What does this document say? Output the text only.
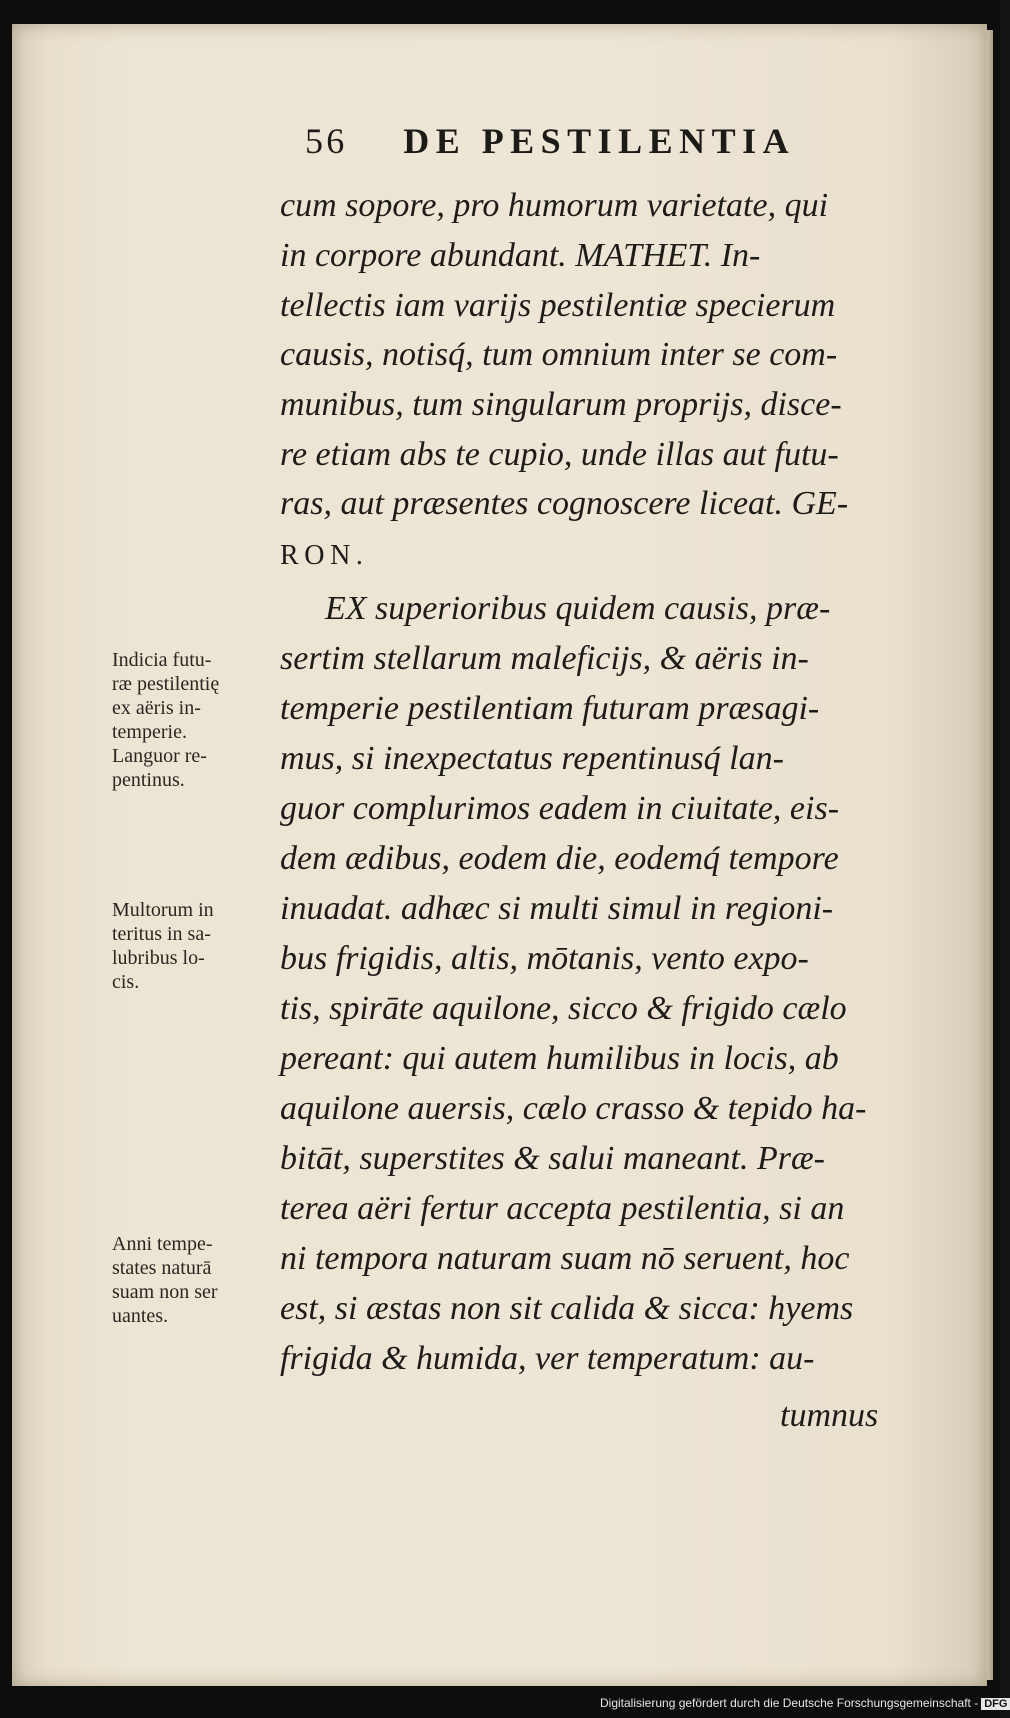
56 DE PESTILENTIA
cum sopore, pro humorum varietate, qui
in corpore abundant. MATHET. In-
tellectis iam varijs pestilentiæ specierum
causis, notisq́, tum omnium inter se com-
munibus, tum singularum proprijs, disce-
re etiam abs te cupio, unde illas aut futu-
ras, aut præsentes cognoscere liceat. GE-
RON.
EX superioribus quidem causis, præ-
sertim stellarum maleficijs, & aëris in-
temperie pestilentiam futuram præsagi-
mus, si inexpectatus repentinusq́ lan-
guor complurimos eadem in ciuitate, eis-
dem ædibus, eodem die, eodemq́ tempore
inuadat. adhæc si multi simul in regioni-
bus frigidis, altis, mōtanis, vento expo-
tis, spirāte aquilone, sicco & frigido cælo
pereant: qui autem humilibus in locis, ab
aquilone auersis, cælo crasso & tepido ha-
bitāt, superstites & salui maneant. Præ-
terea aëri fertur accepta pestilentia, si an
ni tempora naturam suam nō seruent, hoc
est, si æstas non sit calida & sicca: hyems
frigida & humida, ver temperatum: au-
tumnus
Indicia futu-
ræ pestilentię
ex aëris in-
temperie.
Languor re-
pentinus.
Multorum in
teritus in sa-
lubribus lo-
cis.
Anni tempe-
states naturā
suam non ser
uantes.
Digitalisierung gefördert durch die Deutsche Forschungsgemeinschaft - DFG
